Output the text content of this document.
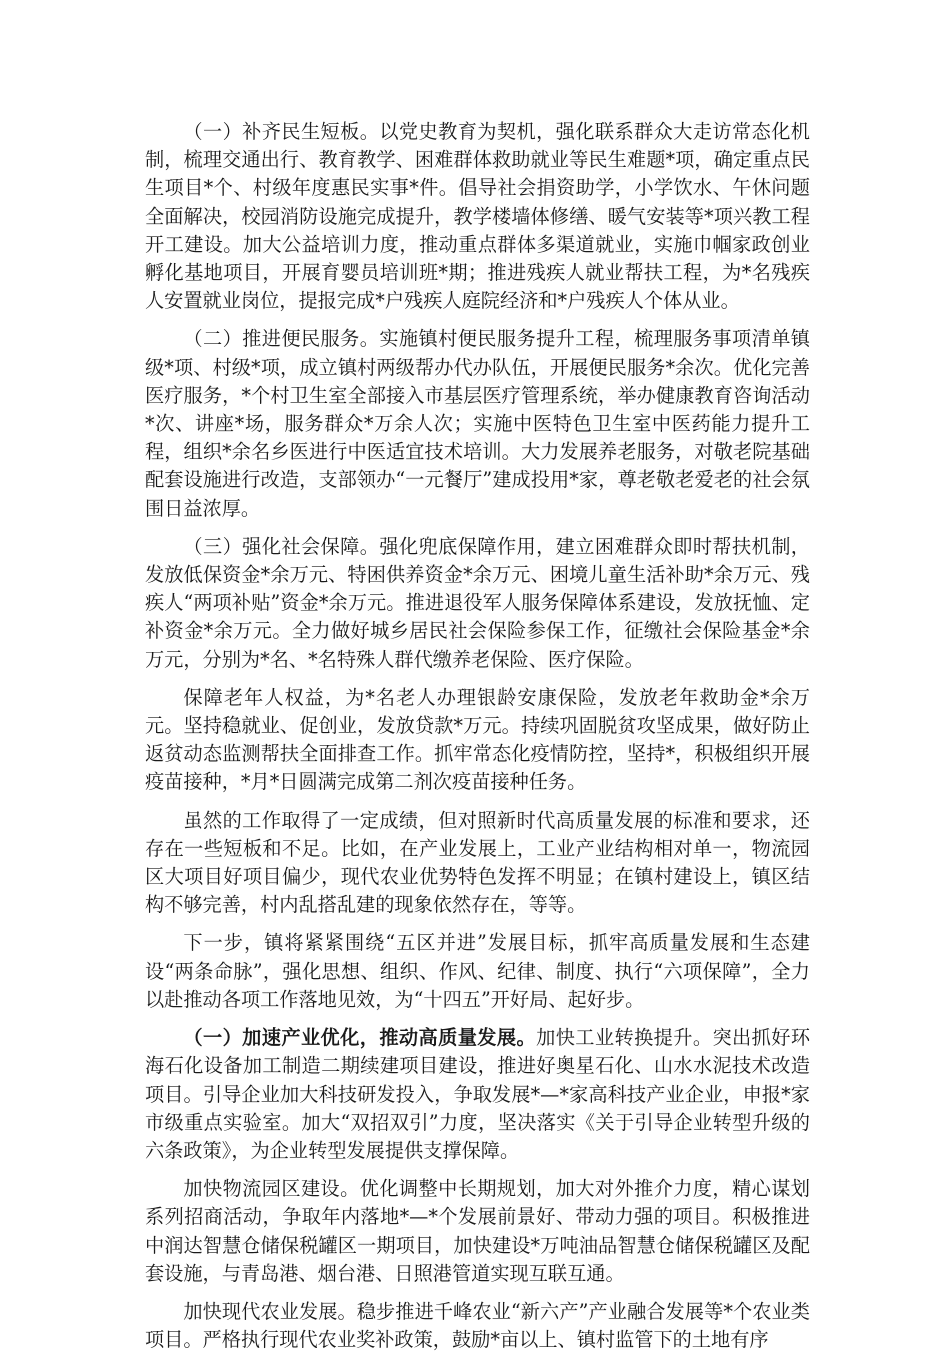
（一）补齐民生短板。以党史教育为契机，强化联系群众大走访常态化机制，梳理交通出行、教育教学、困难群体救助就业等民生难题*项，确定重点民生项目*个、村级年度惠民实事*件。倡导社会捐资助学，小学饮水、午休问题全面解决，校园消防设施完成提升，教学楼墙体修缮、暖气安装等*项兴教工程开工建设。加大公益培训力度，推动重点群体多渠道就业，实施巾帼家政创业孵化基地项目，开展育婴员培训班*期；推进残疾人就业帮扶工程，为*名残疾人安置就业岗位，提报完成*户残疾人庭院经济和*户残疾人个体从业。

（二）推进便民服务。实施镇村便民服务提升工程，梳理服务事项清单镇级*项、村级*项，成立镇村两级帮办代办队伍，开展便民服务*余次。优化完善医疗服务，*个村卫生室全部接入市基层医疗管理系统，举办健康教育咨询活动*次、讲座*场，服务群众*万余人次；实施中医特色卫生室中医药能力提升工程，组织*余名乡医进行中医适宜技术培训。大力发展养老服务，对敬老院基础配套设施进行改造，支部领办“一元餐厅”建成投用*家，尊老敬老爱老的社会氛围日益浓厚。

（三）强化社会保障。强化兜底保障作用，建立困难群众即时帮扶机制，发放低保资金*余万元、特困供养资金*余万元、困境儿童生活补助*余万元、残疾人“两项补贴”资金*余万元。推进退役军人服务保障体系建设，发放抚恤、定补资金*余万元。全力做好城乡居民社会保险参保工作，征缴社会保险基金*余万元，分别为*名、*名特殊人群代缴养老保险、医疗保险。

保障老年人权益，为*名老人办理银龄安康保险，发放老年救助金*余万元。坚持稳就业、促创业，发放贷款*万元。持续巩固脱贫攻坚成果，做好防止返贫动态监测帮扶全面排查工作。抓牢常态化疫情防控，坚持*，积极组织开展疫苗接种，*月*日圆满完成第二剂次疫苗接种任务。

虽然的工作取得了一定成绩，但对照新时代高质量发展的标准和要求，还存在一些短板和不足。比如，在产业发展上，工业产业结构相对单一，物流园区大项目好项目偏少，现代农业优势特色发挥不明显；在镇村建设上，镇区结构不够完善，村内乱搭乱建的现象依然存在，等等。

下一步，镇将紧紧围绕“五区并进”发展目标，抓牢高质量发展和生态建设“两条命脉”，强化思想、组织、作风、纪律、制度、执行“六项保障”，全力以赴推动各项工作落地见效，为“十四五”开好局、起好步。

（一）加速产业优化，推动高质量发展。加快工业转换提升。突出抓好环海石化设备加工制造二期续建项目建设，推进好奥星石化、山水水泥技术改造项目。引导企业加大科技研发投入，争取发展*—*家高科技产业企业，申报*家市级重点实验室。加大“双招双引”力度，坚决落实《关于引导企业转型升级的六条政策》，为企业转型发展提供支撑保障。

加快物流园区建设。优化调整中长期规划，加大对外推介力度，精心谋划系列招商活动，争取年内落地*—*个发展前景好、带动力强的项目。积极推进中润达智慧仓储保税罐区一期项目，加快建设*万吨油品智慧仓储保税罐区及配套设施，与青岛港、烟台港、日照港管道实现互联互通。

加快现代农业发展。稳步推进千峰农业“新六产”产业融合发展等*个农业类项目。严格执行现代农业奖补政策，鼓励*亩以上、镇村监管下的土地有序
